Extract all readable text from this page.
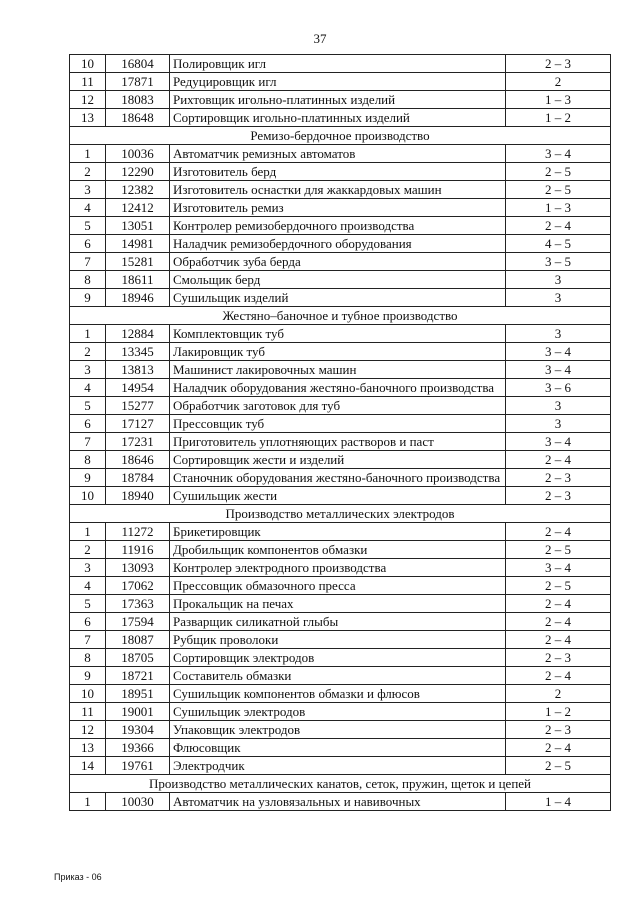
37
10	16804	Полировщик игл	2 – 3
11	17871	Редуцировщик игл	2
12	18083	Рихтовщик игольно-платинных изделий	1 – 3
13	18648	Сортировщик игольно-платинных изделий	1 – 2
Ремизо-бердочное производство			
1	10036	Автоматчик ремизных автоматов	3 – 4
2	12290	Изготовитель берд	2 – 5
3	12382	Изготовитель оснастки для жаккардовых машин	2 – 5
4	12412	Изготовитель ремиз	1 – 3
5	13051	Контролер ремизобердочного производства	2 – 4
6	14981	Наладчик ремизобердочного оборудования	4 – 5
7	15281	Обработчик зуба берда	3 – 5
8	18611	Смольщик берд	3
9	18946	Сушильщик изделий	3
Жестяно–баночное и тубное производство			
1	12884	Комплектовщик туб	3
2	13345	Лакировщик туб	3 – 4
3	13813	Машинист лакировочных машин	3 – 4
4	14954	Наладчик оборудования жестяно-баночного производства	3 – 6
5	15277	Обработчик заготовок для туб	3
6	17127	Прессовщик туб	3
7	17231	Приготовитель уплотняющих растворов и паст	3 – 4
8	18646	Сортировщик жести и изделий	2 – 4
9	18784	Станочник оборудования жестяно-баночного производства	2 – 3
10	18940	Сушильщик жести	2 – 3
Производство металлических электродов			
1	11272	Брикетировщик	2 – 4
2	11916	Дробильщик компонентов обмазки	2 – 5
3	13093	Контролер электродного производства	3 – 4
4	17062	Прессовщик обмазочного пресса	2 – 5
5	17363	Прокальщик на печах	2 – 4
6	17594	Разварщик силикатной глыбы	2 – 4
7	18087	Рубщик проволоки	2 – 4
8	18705	Сортировщик электродов	2 – 3
9	18721	Составитель обмазки	2 – 4
10	18951	Сушильщик компонентов обмазки и флюсов	2
11	19001	Сушильщик электродов	1 – 2
12	19304	Упаковщик электродов	2 – 3
13	19366	Флюсовщик	2 – 4
14	19761	Электродчик	2 – 5
Производство металлических канатов, сеток, пружин, щеток и цепей			
1	10030	Автоматчик на узловязальных и навивочных	1 – 4
Приказ - 06
